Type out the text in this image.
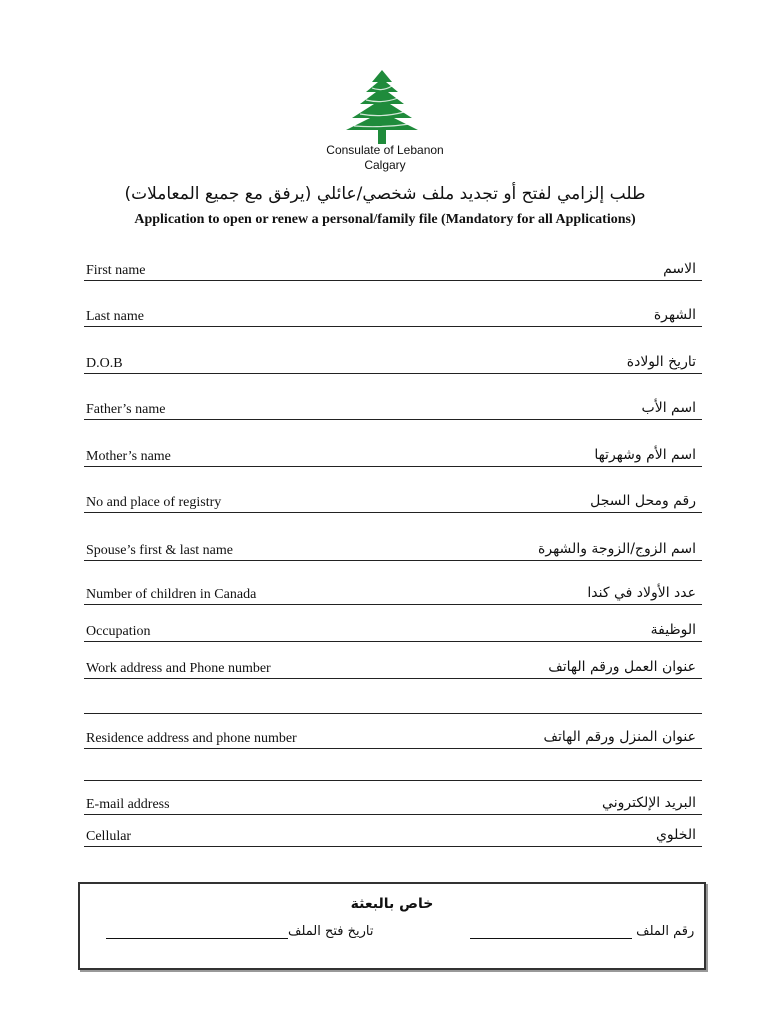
Consulate of Lebanon
Calgary
طلب إلزامي لفتح أو تجديد ملف شخصي/عائلي (يرفق مع جميع المعاملات)
Application to open or renew a personal/family file (Mandatory for all Applications)
First name	الاسم
Last name	الشهرة
D.O.B	تاريخ الولادة
Father’s name	اسم الأب
Mother’s name	اسم الأم وشهرتها
No and place of registry	رقم ومحل السجل
Spouse’s first & last name	اسم الزوج/الزوجة والشهرة
Number of children in Canada	عدد الأولاد في كندا
Occupation	الوظيفة
Work address and Phone number	عنوان العمل ورقم الهاتف
Residence address and phone number	عنوان المنزل ورقم الهاتف
E-mail address	البريد الإلكتروني
Cellular	الخلوي
خاص بالبعثة
تاريخ فتح الملف	رقم الملف
